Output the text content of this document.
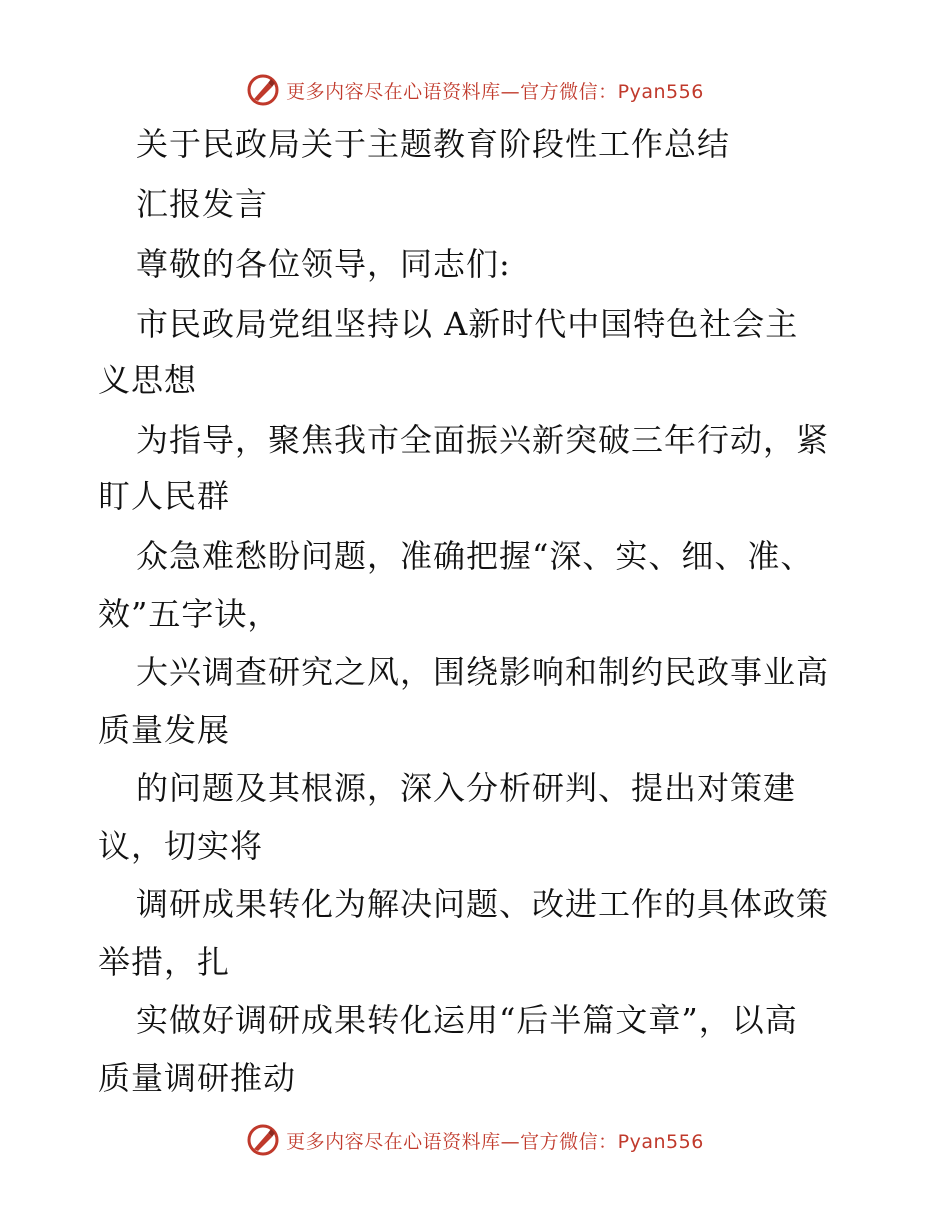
更多内容尽在心语资料库—官方微信：Pyan556
关于民政局关于主题教育阶段性工作总结
汇报发言
尊敬的各位领导，同志们:
市民政局党组坚持以 A新时代中国特色社会主
义思想
为指导，聚焦我市全面振兴新突破三年行动，紧
盯人民群
众急难愁盼问题，准确把握“深、实、细、准、
效”五字诀，
大兴调查研究之风，围绕影响和制约民政事业高
质量发展
的问题及其根源，深入分析研判、提出对策建
议，切实将
调研成果转化为解决问题、改进工作的具体政策
举措，扎
实做好调研成果转化运用“后半篇文章”，以高
质量调研推动
更多内容尽在心语资料库—官方微信：Pyan556
